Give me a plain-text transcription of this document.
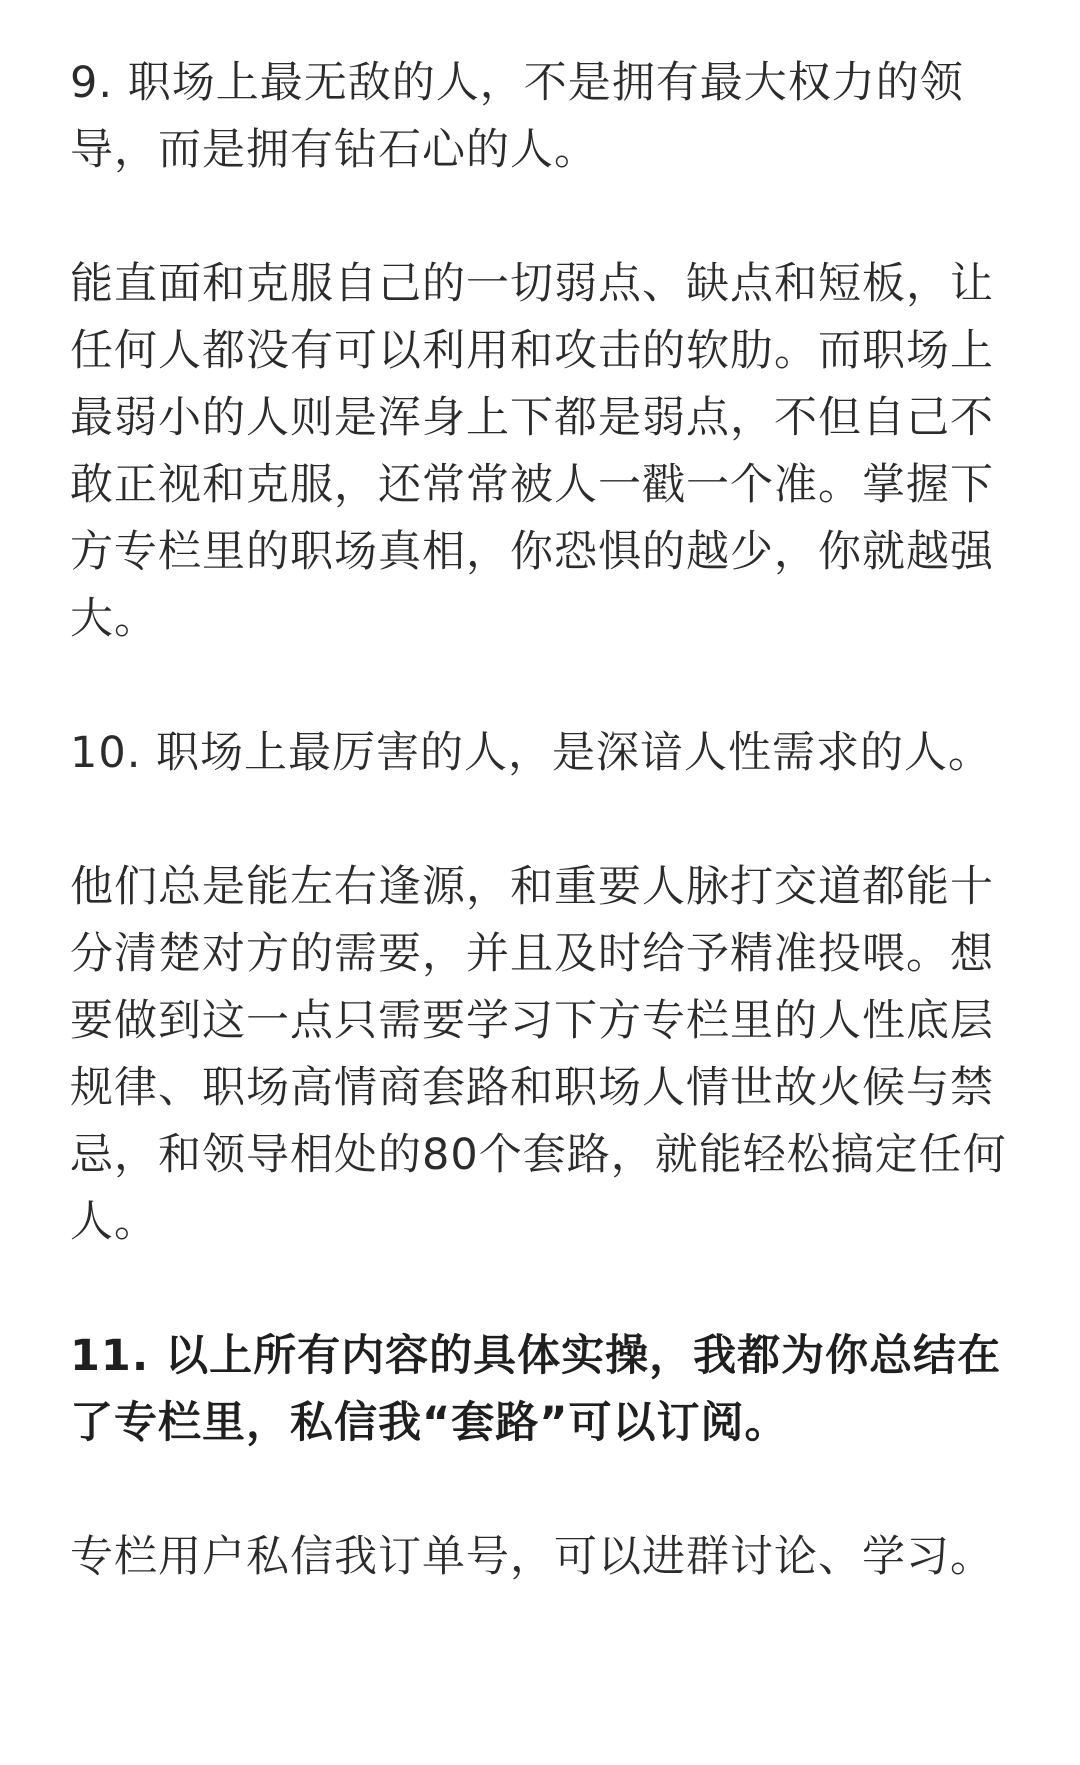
9. 职场上最无敌的人，不是拥有最大权力的领导，而是拥有钻石心的人。

能直面和克服自己的一切弱点、缺点和短板，让任何人都没有可以利用和攻击的软肋。而职场上最弱小的人则是浑身上下都是弱点，不但自己不敢正视和克服，还常常被人一戳一个准。掌握下方专栏里的职场真相，你恐惧的越少，你就越强大。

10. 职场上最厉害的人，是深谙人性需求的人。

他们总是能左右逢源，和重要人脉打交道都能十分清楚对方的需要，并且及时给予精准投喂。想要做到这一点只需要学习下方专栏里的人性底层规律、职场高情商套路和职场人情世故火候与禁忌，和领导相处的80个套路，就能轻松搞定任何人。

11. 以上所有内容的具体实操，我都为你总结在了专栏里，私信我“套路”可以订阅。

专栏用户私信我订单号，可以进群讨论、学习。
